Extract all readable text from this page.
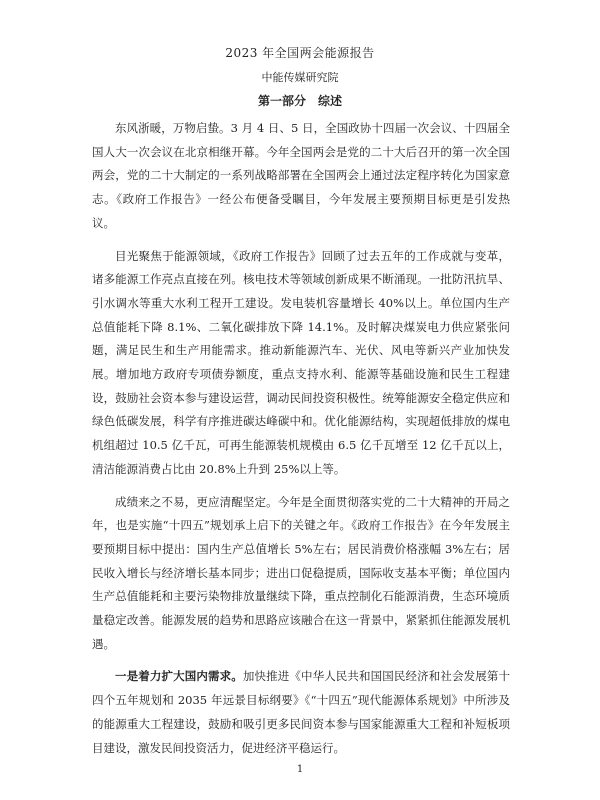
2023 年全国两会能源报告
中能传媒研究院
第一部分　综述

东风浙暖，万物启蛰。3 月 4 日、5 日，全国政协十四届一次会议、十四届全国人大一次会议在北京相继开幕。今年全国两会是党的二十大后召开的第一次全国两会，党的二十大制定的一系列战略部署在全国两会上通过法定程序转化为国家意志。《政府工作报告》一经公布便备受瞩目，今年发展主要预期目标更是引发热议。

目光聚焦于能源领域，《政府工作报告》回顾了过去五年的工作成就与变革，诸多能源工作亮点直接在列。核电技术等领域创新成果不断涌现。一批防汛抗旱、引水调水等重大水利工程开工建设。发电装机容量增长 40%以上。单位国内生产总值能耗下降 8.1%、二氧化碳排放下降 14.1%。及时解决煤炭电力供应紧张问题，满足民生和生产用能需求。推动新能源汽车、光伏、风电等新兴产业加快发展。增加地方政府专项债券额度，重点支持水利、能源等基础设施和民生工程建设，鼓励社会资本参与建设运营，调动民间投资积极性。统筹能源安全稳定供应和绿色低碳发展，科学有序推进碳达峰碳中和。优化能源结构，实现超低排放的煤电机组超过 10.5 亿千瓦，可再生能源装机规模由 6.5 亿千瓦增至 12 亿千瓦以上，清洁能源消费占比由 20.8%上升到 25%以上等。

成绩来之不易，更应清醒坚定。今年是全面贯彻落实党的二十大精神的开局之年，也是实施“十四五”规划承上启下的关键之年。《政府工作报告》在今年发展主要预期目标中提出：国内生产总值增长 5%左右；居民消费价格涨幅 3%左右；居民收入增长与经济增长基本同步；进出口促稳提质，国际收支基本平衡；单位国内生产总值能耗和主要污染物排放量继续下降，重点控制化石能源消费，生态环境质量稳定改善。能源发展的趋势和思路应该融合在这一背景中，紧紧抓住能源发展机遇。

一是着力扩大国内需求。加快推进《中华人民共和国国民经济和社会发展第十四个五年规划和 2035 年远景目标纲要》《“十四五”现代能源体系规划》中所涉及的能源重大工程建设，鼓励和吸引更多民间资本参与国家能源重大工程和补短板项目建设，激发民间投资活力，促进经济平稳运行。

1
